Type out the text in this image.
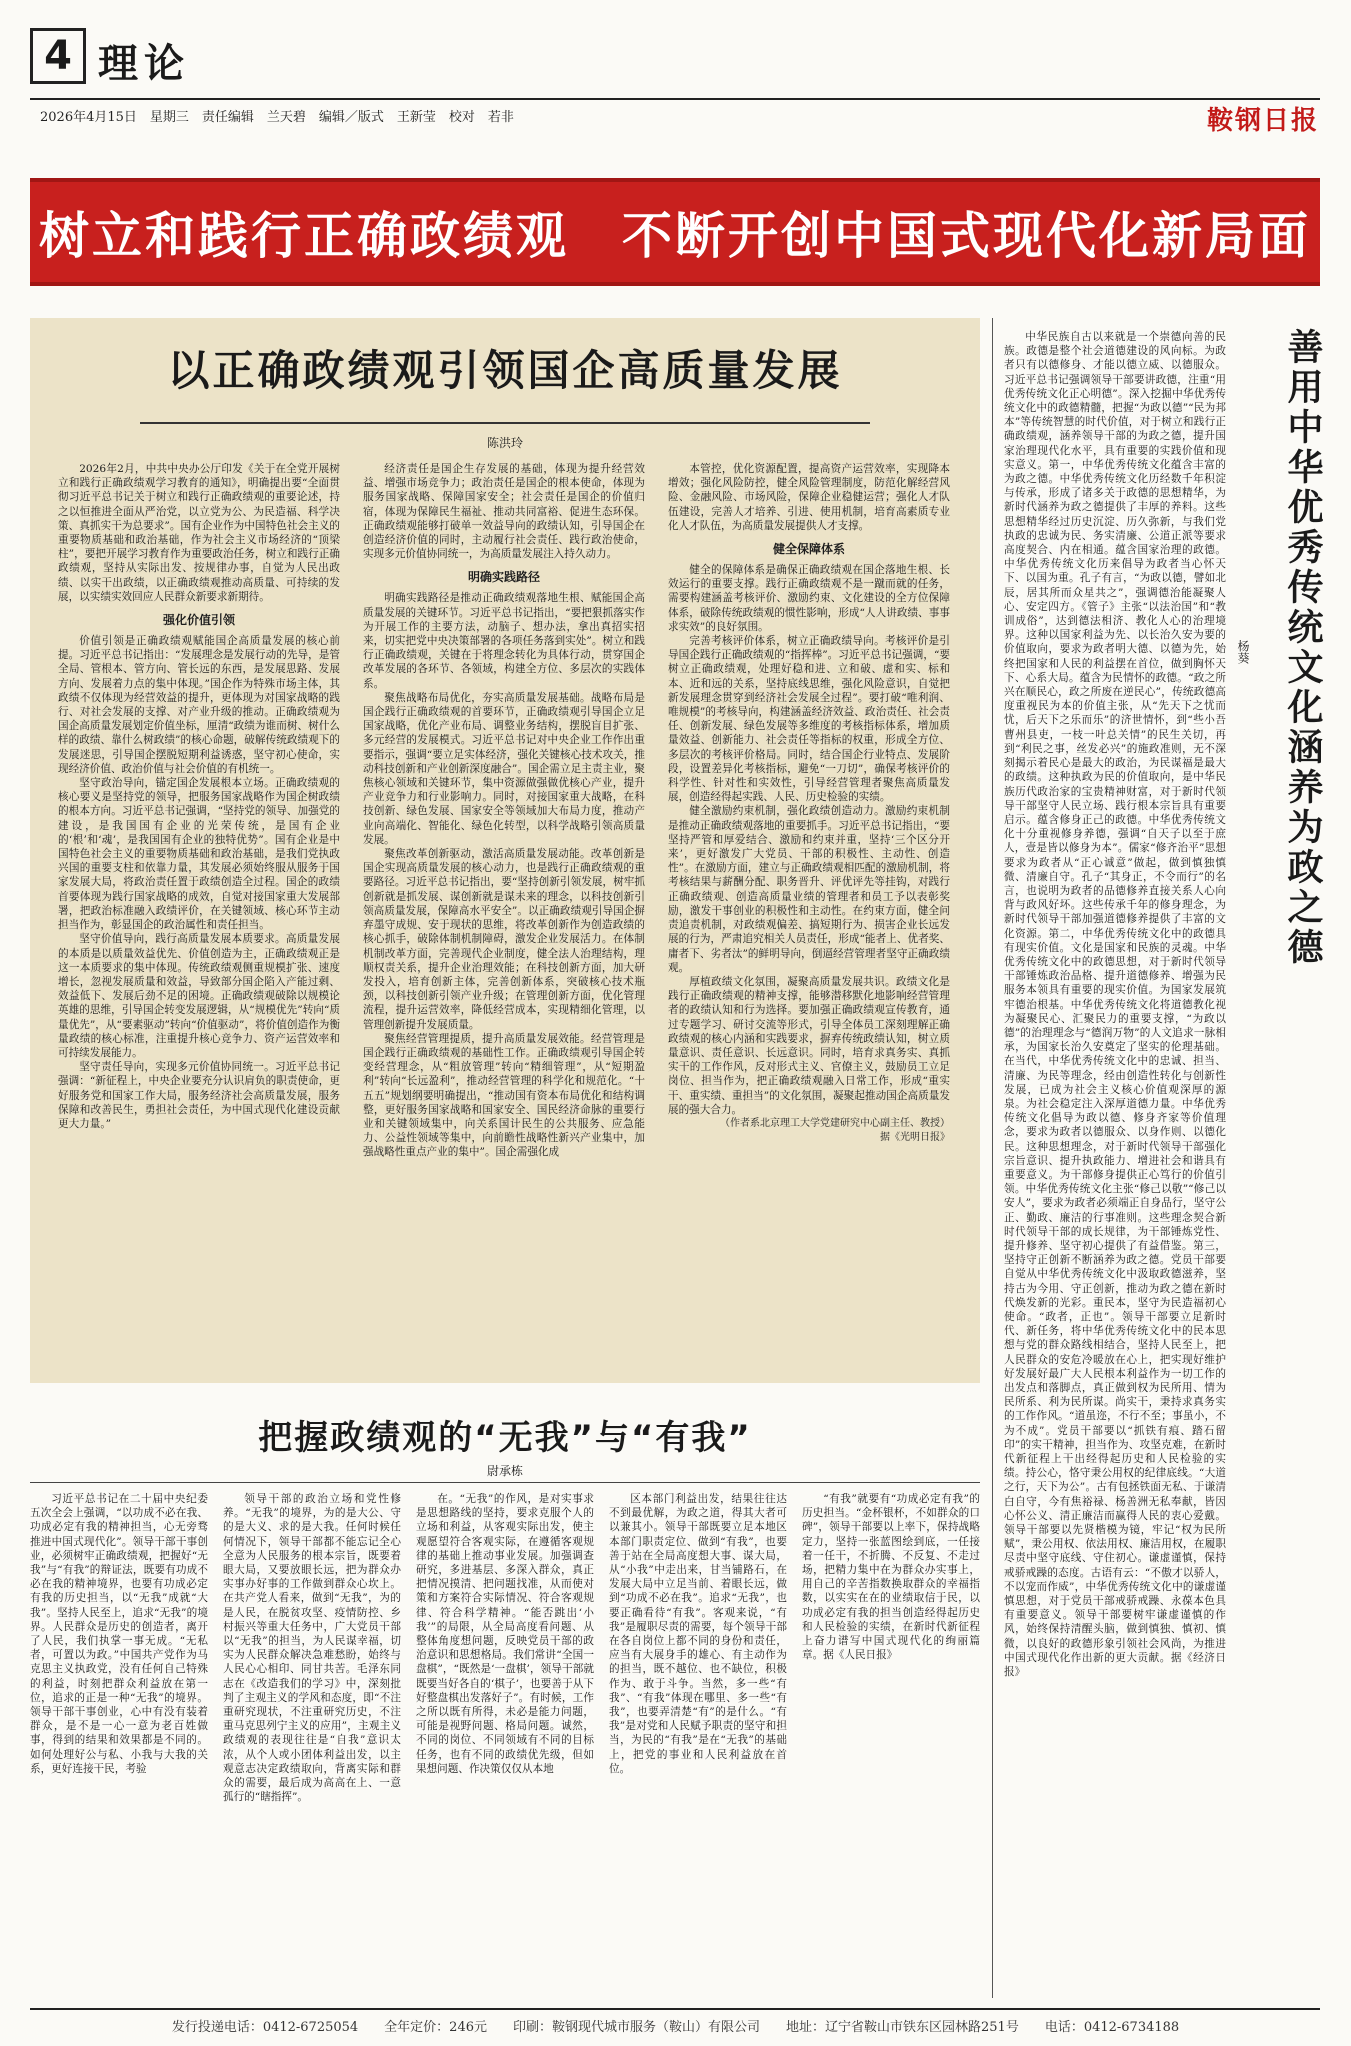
4 理论
2026年4月15日　星期三　责任编辑　兰天碧　编辑／版式　王新莹　校对　若非	鞍钢日报
树立和践行正确政绩观　不断开创中国式现代化新局面
以正确政绩观引领国企高质量发展
陈洪玲

2026年2月，中共中央办公厅印发《关于在全党开展树立和践行正确政绩观学习教育的通知》，明确提出要“全面贯彻习近平总书记关于树立和践行正确政绩观的重要论述，持之以恒推进全面从严治党，以立党为公、为民造福、科学决策、真抓实干为总要求”。国有企业作为中国特色社会主义的重要物质基础和政治基础，作为社会主义市场经济的“顶梁柱”，要把开展学习教育作为重要政治任务，树立和践行正确政绩观，坚持从实际出发、按规律办事，自觉为人民出政绩、以实干出政绩，以正确政绩观推动高质量、可持续的发展，以实绩实效回应人民群众新要求新期待。

强化价值引领

价值引领是正确政绩观赋能国企高质量发展的核心前提。习近平总书记指出：“发展理念是发展行动的先导，是管全局、管根本、管方向、管长远的东西，是发展思路、发展方向、发展着力点的集中体现。”国企作为特殊市场主体，其政绩不仅体现为经营效益的提升，更体现为对国家战略的践行、对社会发展的支撑、对产业升级的推动。正确政绩观为国企高质量发展划定价值坐标，厘清“政绩为谁而树、树什么样的政绩、靠什么树政绩”的核心命题，破解传统政绩观下的发展迷思，引导国企摆脱短期利益诱惑，坚守初心使命，实现经济价值、政治价值与社会价值的有机统一。

坚守政治导向，锚定国企发展根本立场。正确政绩观的核心要义是坚持党的领导，把服务国家战略作为国企树政绩的根本方向。习近平总书记强调，“坚持党的领导、加强党的建设，是我国国有企业的光荣传统，是国有企业的‘根’和‘魂’，是我国国有企业的独特优势”。国有企业是中国特色社会主义的重要物质基础和政治基础，是我们党执政兴国的重要支柱和依靠力量，其发展必须始终服从服务于国家发展大局，将政治责任置于政绩创造全过程。国企的政绩首要体现为践行国家战略的成效，自觉对接国家重大发展部署，把政治标准融入政绩评价，在关键领域、核心环节主动担当作为，彰显国企的政治属性和责任担当。

坚守价值导向，践行高质量发展本质要求。高质量发展的本质是以质量效益优先、价值创造为主，正确政绩观正是这一本质要求的集中体现。传统政绩观侧重规模扩张、速度增长，忽视发展质量和效益，导致部分国企陷入产能过剩、效益低下、发展后劲不足的困境。正确政绩观破除以规模论英雄的思维，引导国企转变发展逻辑，从“规模优先”转向“质量优先”，从“要素驱动”转向“价值驱动”，将价值创造作为衡量政绩的核心标准，注重提升核心竞争力、资产运营效率和可持续发展能力。

坚守责任导向，实现多元价值协同统一。习近平总书记强调：“新征程上，中央企业要充分认识肩负的职责使命，更好服务党和国家工作大局，服务经济社会高质量发展，服务保障和改善民生，勇担社会责任，为中国式现代化建设贡献更大力量。”

经济责任是国企生存发展的基础，体现为提升经营效益、增强市场竞争力；政治责任是国企的根本使命，体现为服务国家战略、保障国家安全；社会责任是国企的价值归宿，体现为保障民生福祉、推动共同富裕、促进生态环保。正确政绩观能够打破单一效益导向的政绩认知，引导国企在创造经济价值的同时，主动履行社会责任、践行政治使命，实现多元价值协同统一，为高质量发展注入持久动力。

明确实践路径

明确实践路径是推动正确政绩观落地生根、赋能国企高质量发展的关键环节。习近平总书记指出，“要把狠抓落实作为开展工作的主要方法，动脑子、想办法，拿出真招实招来，切实把党中央决策部署的各项任务落到实处”。树立和践行正确政绩观，关键在于将理念转化为具体行动，贯穿国企改革发展的各环节、各领域，构建全方位、多层次的实践体系。

聚焦战略布局优化，夯实高质量发展基础。战略布局是国企践行正确政绩观的首要环节，正确政绩观引导国企立足国家战略，优化产业布局、调整业务结构，摆脱盲目扩张、多元经营的发展模式。习近平总书记对中央企业工作作出重要指示，强调“要立足实体经济，强化关键核心技术攻关，推动科技创新和产业创新深度融合”。国企需立足主责主业，聚焦核心领域和关键环节，集中资源做强做优核心产业，提升产业竞争力和行业影响力。同时，对接国家重大战略，在科技创新、绿色发展、国家安全等领域加大布局力度，推动产业向高端化、智能化、绿色化转型，以科学战略引领高质量发展。

聚焦改革创新驱动，激活高质量发展动能。改革创新是国企实现高质量发展的核心动力，也是践行正确政绩观的重要路径。习近平总书记指出，要“坚持创新引领发展，树牢抓创新就是抓发展、谋创新就是谋未来的理念，以科技创新引领高质量发展，保障高水平安全”。以正确政绩观引导国企摒弃墨守成规、安于现状的思维，将改革创新作为创造政绩的核心抓手，破除体制机制障碍，激发企业发展活力。在体制机制改革方面，完善现代企业制度，健全法人治理结构，理顺权责关系，提升企业治理效能；在科技创新方面，加大研发投入，培育创新主体，完善创新体系，突破核心技术瓶颈，以科技创新引领产业升级；在管理创新方面，优化管理流程，提升运营效率，降低经营成本，实现精细化管理，以管理创新提升发展质量。

聚焦经营管理提质，提升高质量发展效能。经营管理是国企践行正确政绩观的基础性工作。正确政绩观引导国企转变经营理念，从“粗放管理”转向“精细管理”，从“短期盈利”转向“长远盈利”，推动经营管理的科学化和规范化。“十五五”规划纲要明确提出，“推动国有资本布局优化和结构调整，更好服务国家战略和国家安全、国民经济命脉的重要行业和关键领域集中，向关系国计民生的公共服务、应急能力、公益性领域等集中，向前瞻性战略性新兴产业集中，加强战略性重点产业的集中”。国企需强化成

本管控，优化资源配置，提高资产运营效率，实现降本增效；强化风险防控，健全风险管理制度，防范化解经营风险、金融风险、市场风险，保障企业稳健运营；强化人才队伍建设，完善人才培养、引进、使用机制，培育高素质专业化人才队伍，为高质量发展提供人才支撑。

健全保障体系

健全的保障体系是确保正确政绩观在国企落地生根、长效运行的重要支撑。践行正确政绩观不是一蹴而就的任务，需要构建涵盖考核评价、激励约束、文化建设的全方位保障体系，破除传统政绩观的惯性影响，形成“人人讲政绩、事事求实效”的良好氛围。

完善考核评价体系，树立正确政绩导向。考核评价是引导国企践行正确政绩观的“指挥棒”。习近平总书记强调，“要树立正确政绩观，处理好稳和进、立和破、虚和实、标和本、近和远的关系，坚持底线思维，强化风险意识，自觉把新发展理念贯穿到经济社会发展全过程”。要打破“唯利润、唯规模”的考核导向，构建涵盖经济效益、政治责任、社会责任、创新发展、绿色发展等多维度的考核指标体系，增加质量效益、创新能力、社会责任等指标的权重，形成全方位、多层次的考核评价格局。同时，结合国企行业特点、发展阶段，设置差异化考核指标，避免“一刀切”，确保考核评价的科学性、针对性和实效性，引导经营管理者聚焦高质量发展，创造经得起实践、人民、历史检验的实绩。

健全激励约束机制，强化政绩创造动力。激励约束机制是推动正确政绩观落地的重要抓手。习近平总书记指出，“要坚持严管和厚爱结合、激励和约束并重，坚持‘三个区分开来’，更好激发广大党员、干部的积极性、主动性、创造性”。在激励方面，建立与正确政绩观相匹配的激励机制，将考核结果与薪酬分配、职务晋升、评优评先等挂钩，对践行正确政绩观、创造高质量业绩的管理者和员工予以表彰奖励，激发干事创业的积极性和主动性。在约束方面，健全问责追责机制，对政绩观偏差、搞短期行为、损害企业长远发展的行为，严肃追究相关人员责任，形成“能者上、优者奖、庸者下、劣者汰”的鲜明导向，倒逼经营管理者坚守正确政绩观。

厚植政绩文化氛围，凝聚高质量发展共识。政绩文化是践行正确政绩观的精神支撑，能够潜移默化地影响经营管理者的政绩认知和行为选择。要加强正确政绩观宣传教育，通过专题学习、研讨交流等形式，引导全体员工深刻理解正确政绩观的核心内涵和实践要求，摒弃传统政绩认知，树立质量意识、责任意识、长远意识。同时，培育求真务实、真抓实干的工作作风，反对形式主义、官僚主义，鼓励员工立足岗位、担当作为，把正确政绩观融入日常工作，形成“重实干、重实绩、重担当”的文化氛围，凝聚起推动国企高质量发展的强大合力。

（作者系北京理工大学党建研究中心副主任、教授）

据《光明日报》

把握政绩观的“无我”与“有我”
尉承栋

习近平总书记在二十届中央纪委五次全会上强调，“以功成不必在我、功成必定有我的精神担当，心无旁骛推进中国式现代化”。领导干部干事创业，必须树牢正确政绩观，把握好“无我”与“有我”的辩证法，既要有功成不必在我的精神境界，也要有功成必定有我的历史担当，以“无我”成就“大我”。坚持人民至上，追求“无我”的境界。人民群众是历史的创造者，离开了人民，我们执掌一事无成。“无私者，可置以为政。”中国共产党作为马克思主义执政党，没有任何自己特殊的利益，时刻把群众利益放在第一位，追求的正是一种“无我”的境界。领导干部干事创业，心中有没有装着群众，是不是一心一意为老百姓做事，得到的结果和效果都是不同的。如何处理好公与私、小我与大我的关系，更好连接干民，考验

领导干部的政治立场和党性修养。“无我”的境界，为的是大公、守的是大义、求的是大我。任何时候任何情况下，领导干部都不能忘记全心全意为人民服务的根本宗旨，既要着眼大局，又要放眼长远，把为群众办实事办好事的工作做到群众心坎上。在共产党人看来，做到“无我”，为的是人民，在脱贫攻坚、疫情防控、乡村振兴等重大任务中，广大党员干部以“无我”的担当，为人民谋幸福，切实为人民群众解决急难愁盼，始终与人民心心相印、同甘共苦。毛泽东同志在《改造我们的学习》中，深刻批判了主观主义的学风和态度，即“不注重研究现状，不注重研究历史，不注重马克思列宁主义的应用”，主观主义政绩观的表现往往是“自我”意识太浓，从个人或小团体利益出发，以主观意志决定政绩取向，背离实际和群众的需要，最后成为高高在上、一意孤行的“瞎指挥”。

在。“无我”的作风，是对实事求是思想路线的坚持，要求克服个人的立场和利益，从客观实际出发，使主观愿望符合客观实际，在遵循客观规律的基础上推动事业发展。加强调查研究，多进基层、多深入群众，真正把情况摸清、把问题找准，从而使对策和方案符合实际情况、符合客观规律、符合科学精神。“能否跳出‘小我’”的局限，从全局高度看问题、从整体角度想问题，反映党员干部的政治意识和思想格局。我们常讲“全国一盘棋”，“既然是‘一盘棋’，领导干部就既要当好各自的‘棋子’，也要善于从下好整盘棋出发落好子”。有时候，工作之所以既有所得，未必是能力问题，可能是视野问题、格局问题。诚然，不同的岗位、不同领域有不同的目标任务，也有不同的政绩优先级，但如果想问题、作决策仅仅从本地

区本部门利益出发，结果往往达不到最优解，为政之道，得其大者可以兼其小。领导干部既要立足本地区本部门职责定位、做到“有我”，也要善于站在全局高度想大事、谋大局，从“小我”中走出来，甘当铺路石，在发展大局中立足当前、着眼长远，做到“功成不必在我”。追求“无我”，也要正确看待“有我”。客观来说，“有我”是履职尽责的需要，每个领导干部在各自岗位上都不同的身份和责任，应当有大展身手的雄心、有主动作为的担当，既不越位、也不缺位，积极作为、敢于斗争。当然，多一些“有我”、“有我”体现在哪里、多一些“有我”，也要弄清楚“有”的是什么。“有我”是对党和人民赋予职责的坚守和担当，为民的“有我”是在“无我”的基础上，把党的事业和人民利益放在首位。

“有我”就要有“功成必定有我”的历史担当。“金杯银杯，不如群众的口碑”，领导干部要以上率下，保持战略定力，坚持一张蓝图绘到底，一任接着一任干，不折腾、不反复、不走过场，把精力集中在为群众办实事上，用自己的辛苦指数换取群众的幸福指数，以实实在在的业绩取信于民，以功成必定有我的担当创造经得起历史和人民检验的实绩，在新时代新征程上奋力谱写中国式现代化的绚丽篇章。据《人民日报》

善用中华优秀传统文化涵养为政之德
杨葵

中华民族自古以来就是一个崇德向善的民族。政德是整个社会道德建设的风向标。为政者只有以德修身、才能以德立威、以德服众。习近平总书记强调领导干部要讲政德，注重“用优秀传统文化正心明德”。深入挖掘中华优秀传统文化中的政德精髓，把握“为政以德”“民为邦本”等传统智慧的时代价值，对于树立和践行正确政绩观，涵养领导干部的为政之德，提升国家治理现代化水平，具有重要的实践价值和现实意义。第一，中华优秀传统文化蕴含丰富的为政之德。中华优秀传统文化历经数千年积淀与传承，形成了诸多关于政德的思想精华，为新时代涵养为政之德提供了丰厚的养料。这些思想精华经过历史沉淀、历久弥新，与我们党执政的忠诚为民、务实清廉、公道正派等要求高度契合、内在相通。蕴含国家治理的政德。中华优秀传统文化历来倡导为政者当心怀天下、以国为重。孔子有言，“为政以德，譬如北辰，居其所而众星共之”，强调德治能凝聚人心、安定四方。《管子》主张“以法治国”和“教训成俗”，达到德法相济、教化人心的治理境界。这种以国家利益为先、以长治久安为要的价值取向，要求为政者明大德、以德为先，始终把国家和人民的利益摆在首位，做到胸怀天下、心系大局。蕴含为民情怀的政德。“政之所兴在顺民心，政之所废在逆民心”，传统政德高度重视民为本的价值主张，从“先天下之忧而忧，后天下之乐而乐”的济世情怀，到“些小吾曹州县吏，一枝一叶总关情”的民生关切，再到“利民之事，丝发必兴”的施政准则，无不深刻揭示着民心是最大的政治，为民谋福是最大的政绩。这种执政为民的价值取向，是中华民族历代政治家的宝贵精神财富，对于新时代领导干部坚守人民立场、践行根本宗旨具有重要启示。蕴含修身正己的政德。中华优秀传统文化十分重视修身养德，强调“自天子以至于庶人，壹是皆以修身为本”。儒家“修齐治平”思想要求为政者从“正心诚意”做起，做到慎独慎微、清廉自守。孔子“其身正，不令而行”的名言，也说明为政者的品德修养直接关系人心向背与政风好坏。这些传承千年的修身理念，为新时代领导干部加强道德修养提供了丰富的文化资源。第二，中华优秀传统文化中的政德具有现实价值。文化是国家和民族的灵魂。中华优秀传统文化中的政德思想，对于新时代领导干部锤炼政治品格、提升道德修养、增强为民服务本领具有重要的现实价值。为国家发展筑牢德治根基。中华优秀传统文化将道德教化视为凝聚民心、汇聚民力的重要支撑，“为政以德”的治理理念与“德润万物”的人文追求一脉相承，为国家长治久安奠定了坚实的伦理基础。在当代，中华优秀传统文化中的忠诚、担当、清廉、为民等理念，经由创造性转化与创新性发展，已成为社会主义核心价值观深厚的源泉。为社会稳定注入深厚道德力量。中华优秀传统文化倡导为政以德、修身齐家等价值理念，要求为政者以德服众、以身作则、以德化民。这种思想理念，对于新时代领导干部强化宗旨意识、提升执政能力、增进社会和谐具有重要意义。为干部修身提供正心笃行的价值引领。中华优秀传统文化主张“修己以敬”“修己以安人”，要求为政者必须端正自身品行，坚守公正、勤政、廉洁的行事准则。这些理念契合新时代领导干部的成长规律，为干部锤炼党性、提升修养、坚守初心提供了有益借鉴。第三，坚持守正创新不断涵养为政之德。党员干部要自觉从中华优秀传统文化中汲取政德滋养，坚持古为今用、守正创新，推动为政之德在新时代焕发新的光彩。重民本，坚守为民造福初心使命。“政者，正也”。领导干部要立足新时代、新任务，将中华优秀传统文化中的民本思想与党的群众路线相结合，坚持人民至上，把人民群众的安危冷暖放在心上，把实现好维护好发展好最广大人民根本利益作为一切工作的出发点和落脚点，真正做到权为民所用、情为民所系、利为民所谋。尚实干，秉持求真务实的工作作风。“道虽迩，不行不至；事虽小，不为不成”。党员干部要以“抓铁有痕、踏石留印”的实干精神，担当作为、攻坚克难，在新时代新征程上干出经得起历史和人民检验的实绩。持公心，恪守秉公用权的纪律底线。“大道之行，天下为公”。古有包拯铁面无私、于谦清白自守，今有焦裕禄、杨善洲无私奉献，皆因心怀公义、清正廉洁而赢得人民的衷心爱戴。领导干部要以先贤楷模为镜，牢记“权为民所赋”，秉公用权、依法用权、廉洁用权，在履职尽责中坚守底线、守住初心。谦虚谨慎，保持戒骄戒躁的态度。古语有云：“不傲才以骄人，不以宠而作威”，中华优秀传统文化中的谦虚谨慎思想，对于党员干部戒骄戒躁、永葆本色具有重要意义。领导干部要树牢谦虚谨慎的作风，始终保持清醒头脑，做到慎独、慎初、慎微，以良好的政德形象引领社会风尚，为推进中国式现代化作出新的更大贡献。据《经济日报》

发行投递电话：0412-6725054　　全年定价：246元　　印刷：鞍钢现代城市服务（鞍山）有限公司　　地址：辽宁省鞍山市铁东区园林路251号　　电话：0412-6734188
